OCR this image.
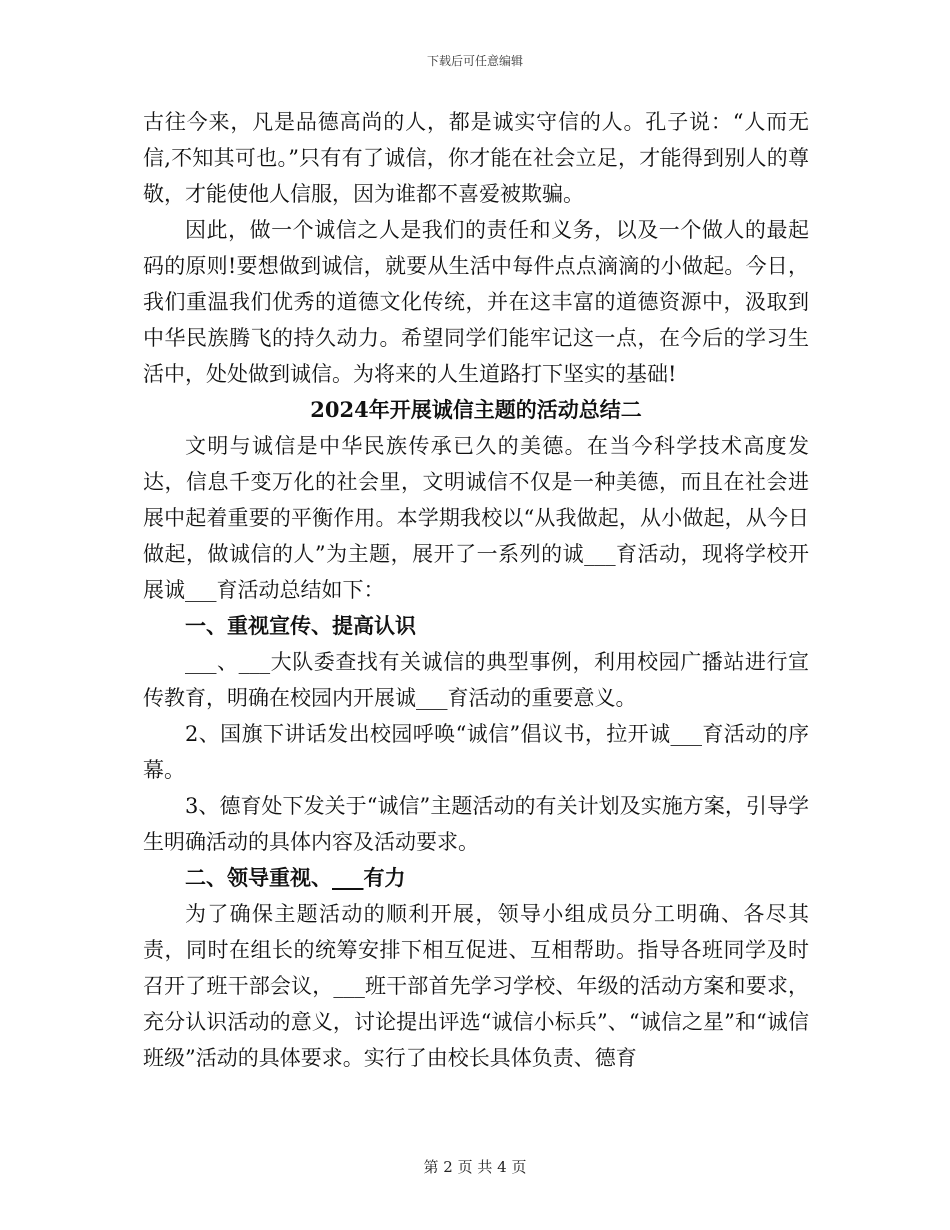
下载后可任意编辑

古往今来，凡是品德高尚的人，都是诚实守信的人。孔子说：“人而无信,不知其可也。”只有有了诚信，你才能在社会立足，才能得到别人的尊敬，才能使他人信服，因为谁都不喜爱被欺骗。

因此，做一个诚信之人是我们的责任和义务，以及一个做人的最起码的原则!要想做到诚信，就要从生活中每件点点滴滴的小做起。今日，我们重温我们优秀的道德文化传统，并在这丰富的道德资源中，汲取到中华民族腾飞的持久动力。希望同学们能牢记这一点，在今后的学习生活中，处处做到诚信。为将来的人生道路打下坚实的基础!

2024年开展诚信主题的活动总结二

文明与诚信是中华民族传承已久的美德。在当今科学技术高度发达，信息千变万化的社会里，文明诚信不仅是一种美德，而且在社会进展中起着重要的平衡作用。本学期我校以“从我做起，从小做起，从今日做起，做诚信的人”为主题，展开了一系列的诚___育活动，现将学校开展诚___育活动总结如下：

一、重视宣传、提高认识

___、___大队委查找有关诚信的典型事例，利用校园广播站进行宣传教育，明确在校园内开展诚___育活动的重要意义。

2、国旗下讲话发出校园呼唤“诚信”倡议书，拉开诚___育活动的序幕。

3、德育处下发关于“诚信”主题活动的有关计划及实施方案，引导学生明确活动的具体内容及活动要求。

二、领导重视、___有力

为了确保主题活动的顺利开展，领导小组成员分工明确、各尽其责，同时在组长的统筹安排下相互促进、互相帮助。指导各班同学及时召开了班干部会议，___班干部首先学习学校、年级的活动方案和要求，充分认识活动的意义，讨论提出评选“诚信小标兵”、“诚信之星”和“诚信班级”活动的具体要求。实行了由校长具体负责、德育

第 2 页 共 4 页
